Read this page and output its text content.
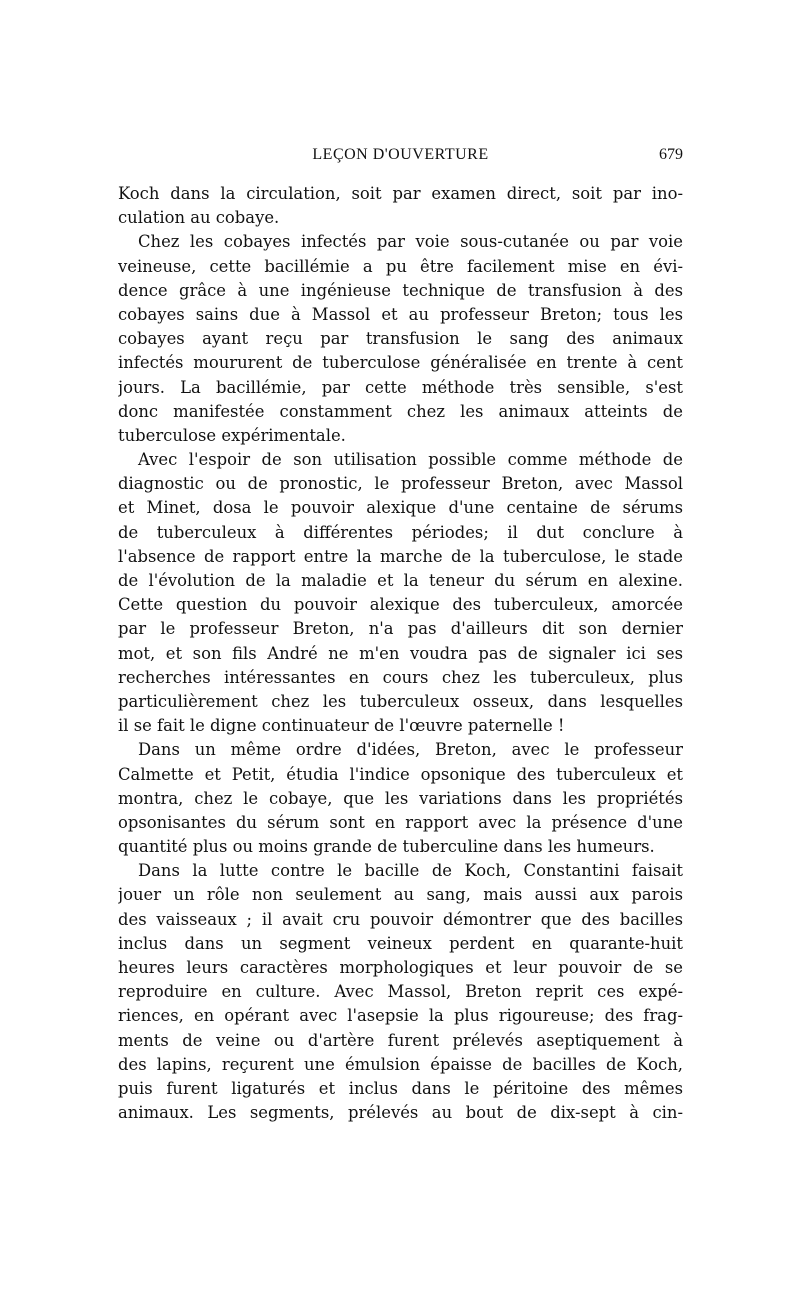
LEÇON D'OUVERTURE	679
Koch dans la circulation, soit par examen direct, soit par ino-
culation au cobaye.
Chez les cobayes infectés par voie sous-cutanée ou par voie
veineuse, cette bacillémie a pu être facilement mise en évi-
dence grâce à une ingénieuse technique de transfusion à des
cobayes sains due à Massol et au professeur Breton; tous les
cobayes ayant reçu par transfusion le sang des animaux
infectés moururent de tuberculose généralisée en trente à cent
jours. La bacillémie, par cette méthode très sensible, s'est
donc manifestée constamment chez les animaux atteints de
tuberculose expérimentale.
Avec l'espoir de son utilisation possible comme méthode de
diagnostic ou de pronostic, le professeur Breton, avec Massol
et Minet, dosa le pouvoir alexique d'une centaine de sérums
de tuberculeux à différentes périodes; il dut conclure à
l'absence de rapport entre la marche de la tuberculose, le stade
de l'évolution de la maladie et la teneur du sérum en alexine.
Cette question du pouvoir alexique des tuberculeux, amorcée
par le professeur Breton, n'a pas d'ailleurs dit son dernier
mot, et son fils André ne m'en voudra pas de signaler ici ses
recherches intéressantes en cours chez les tuberculeux, plus
particulièrement chez les tuberculeux osseux, dans lesquelles
il se fait le digne continuateur de l'œuvre paternelle !
Dans un même ordre d'idées, Breton, avec le professeur
Calmette et Petit, étudia l'indice opsonique des tuberculeux et
montra, chez le cobaye, que les variations dans les propriétés
opsonisantes du sérum sont en rapport avec la présence d'une
quantité plus ou moins grande de tuberculine dans les humeurs.
Dans la lutte contre le bacille de Koch, Constantini faisait
jouer un rôle non seulement au sang, mais aussi aux parois
des vaisseaux ; il avait cru pouvoir démontrer que des bacilles
inclus dans un segment veineux perdent en quarante-huit
heures leurs caractères morphologiques et leur pouvoir de se
reproduire en culture. Avec Massol, Breton reprit ces expé-
riences, en opérant avec l'asepsie la plus rigoureuse; des frag-
ments de veine ou d'artère furent prélevés aseptiquement à
des lapins, reçurent une émulsion épaisse de bacilles de Koch,
puis furent ligaturés et inclus dans le péritoine des mêmes
animaux. Les segments, prélevés au bout de dix-sept à cin-
